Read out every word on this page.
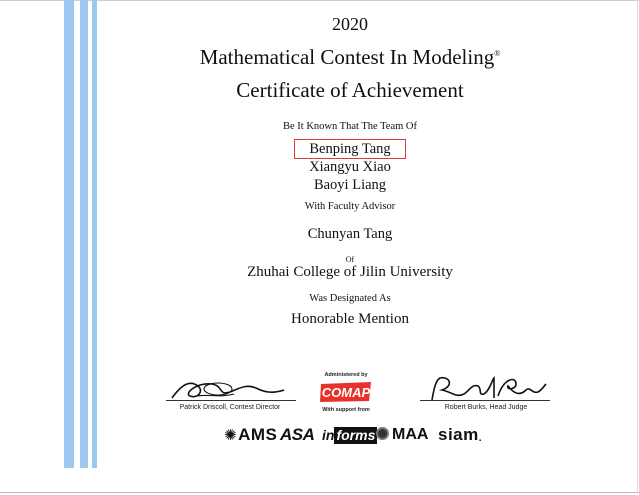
2020
Mathematical Contest In Modeling®
Certificate of Achievement
Be It Known That The Team Of
Benping Tang
Xiangyu Xiao
Baoyi Liang
With Faculty Advisor
Chunyan Tang
Of
Zhuhai College of Jilin University
Was Designated As
Honorable Mention
Patrick Driscoll, Contest Director	Robert Burks, Head Judge
Administered by
COMAP
With support from
✺AMS ASA in forms	MAA siam.
